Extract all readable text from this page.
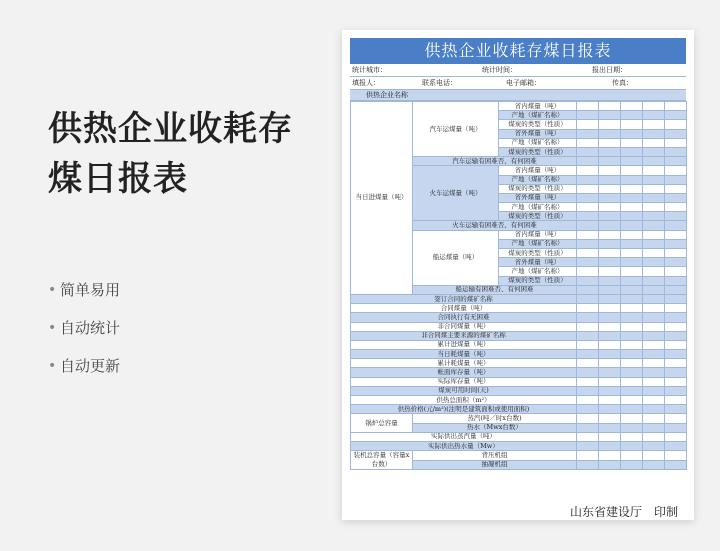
供热企业收耗存
煤日报表
• 简单易用
• 自动统计
• 自动更新
供热企业收耗存煤日报表
统计城市：	统计时间：	报出日期：
填报人：	联系电话：	电子邮箱：	传真：
供热企业名称
当日进煤量（吨）	汽车运煤量（吨）	省内煤量（吨）					
		产地（煤矿名称）					
		煤炭的类型（性质）					
		省外煤量（吨）					
		产地（煤矿名称）					
		煤炭的类型（性质）					
	汽车运输有困难否、有何困难						
	火车运煤量（吨）	省内煤量（吨）					
		产地（煤矿名称）					
		煤炭的类型（性质）					
		省外煤量（吨）					
		产地（煤矿名称）					
		煤炭的类型（性质）					
	火车运输有困难否、有何困难						
	船运煤量（吨）	省内煤量（吨）					
		产地（煤矿名称）					
		煤炭的类型（性质）					
		省外煤量（吨）					
		产地（煤矿名称）					
		煤炭的类型（性质）					
	船运输有困难否、有何困难						
签订合同的煤矿名称							
合同煤量（吨）							
合同执行有无困难							
非合同煤量（吨）							
非合同煤主要来源的煤矿名称							
累计进煤量（吨）							
当日耗煤量（吨）							
累计耗煤量（吨）							
帐面库存量（吨）							
实际库存量（吨）							
煤炭可用时间(天)							
供热总面积（m²）							
供热价格(元/m²)(注明是建筑面积或使用面积)							
锅炉总容量	蒸汽(吨／时x台数)						
	热水（Mwx台数）						
实际供出蒸汽量（吨）							
实际供出热水量（Mw）							
装机总容量（容量x台数）	背压机组						
	抽凝机组						
山东省建设厅　印制
